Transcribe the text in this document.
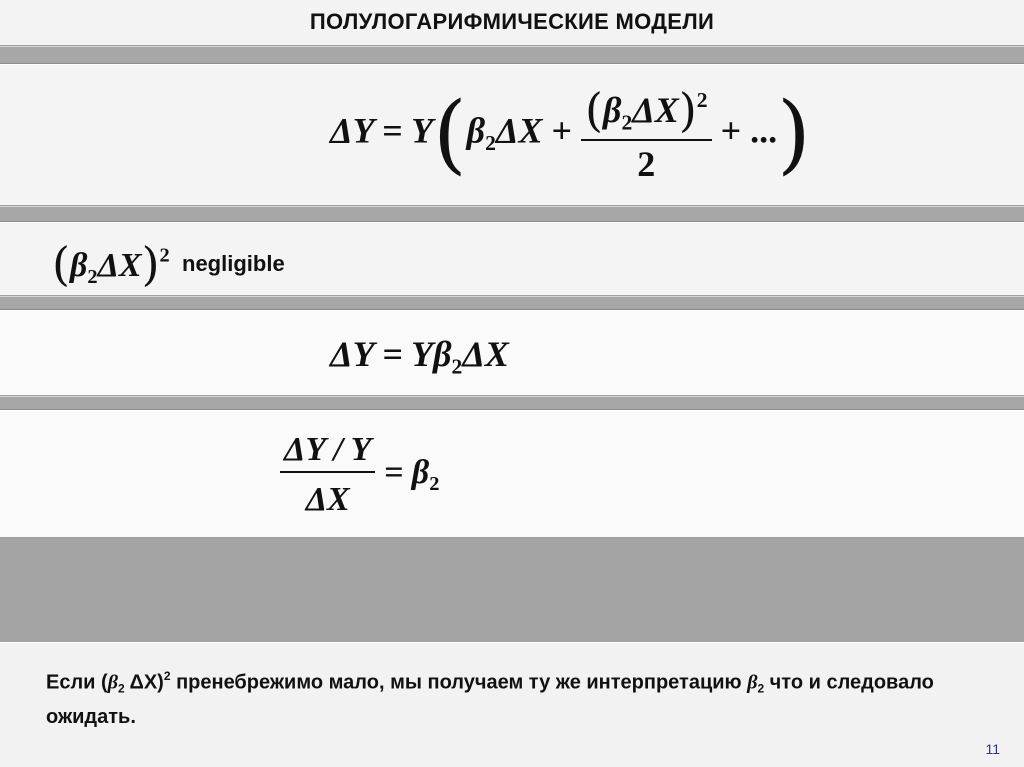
ПОЛУЛОГАРИФМИЧЕСКИЕ МОДЕЛИ
$\Delta Y = Y(\beta_2\Delta X + \frac{(\beta_2\Delta X)^2}{2}$ + ...)
$(\beta_2\Delta X)^2$ negligible
$\Delta Y = Y\beta_2\Delta X$
$\frac{\Delta Y / Y}{\Delta X} = \beta_2$
Если ($\beta_2$ ΔX)$^2$ пренебрежимо мало, мы получаем ту же интерпретацию $\beta_2$ что и следовало ожидать.
11
